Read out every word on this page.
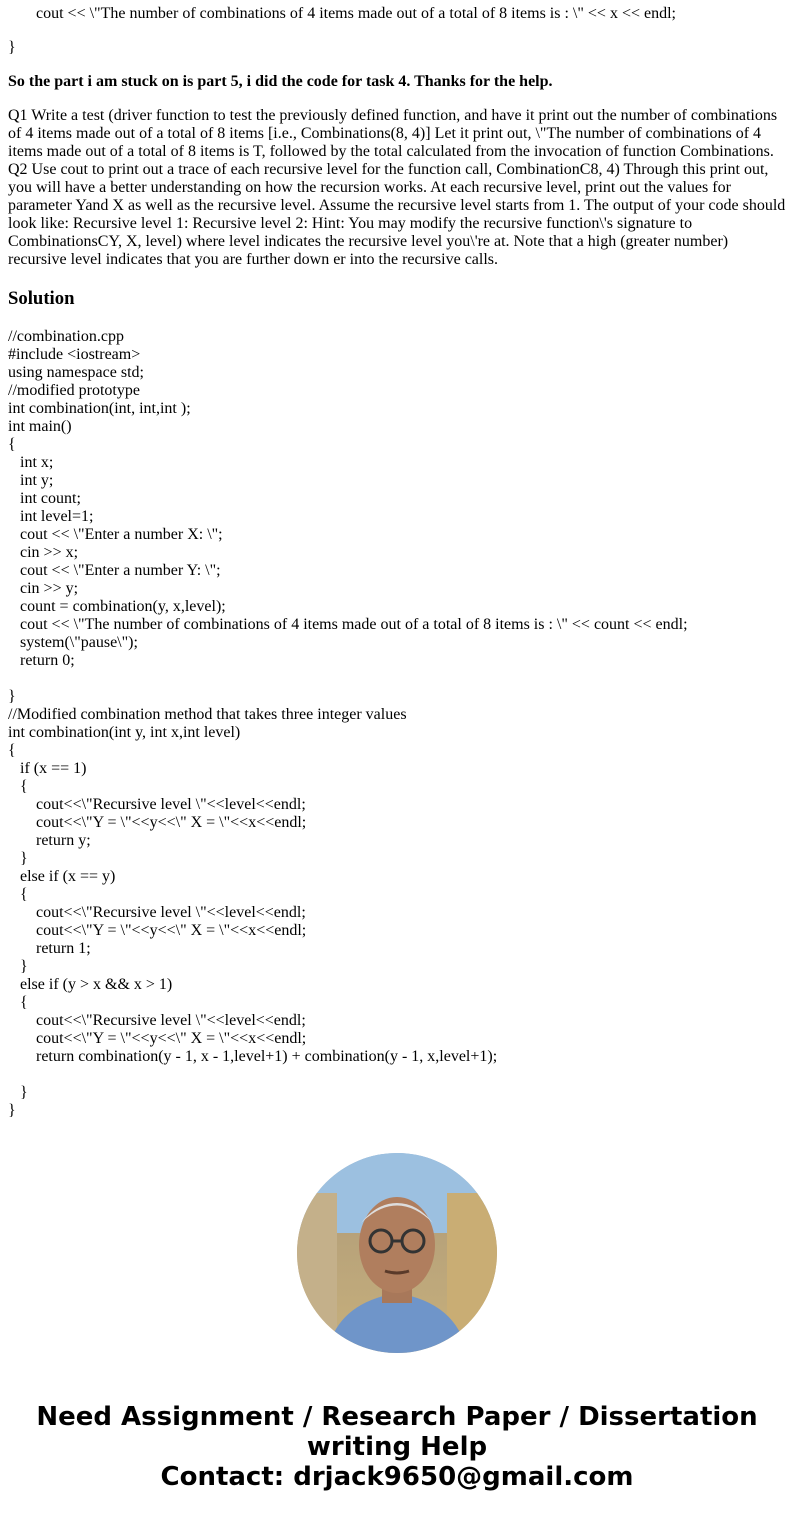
cout << \"The number of combinations of 4 items made out of a total of 8 items is : \" << x << endl;
}
So the part i am stuck on is part 5, i did the code for task 4. Thanks for the help.
Q1 Write a test (driver function to test the previously defined function, and have it print out the number of combinations of 4 items made out of a total of 8 items [i.e., Combinations(8, 4)] Let it print out, \"The number of combinations of 4 items made out of a total of 8 items is T, followed by the total calculated from the invocation of function Combinations. Q2 Use cout to print out a trace of each recursive level for the function call, CombinationC8, 4) Through this print out, you will have a better understanding on how the recursion works. At each recursive level, print out the values for parameter Yand X as well as the recursive level. Assume the recursive level starts from 1. The output of your code should look like: Recursive level 1: Recursive level 2: Hint: You may modify the recursive function\'s signature to CombinationsCY, X, level) where level indicates the recursive level you\'re at. Note that a high (greater number) recursive level indicates that you are further down er into the recursive calls.
Solution
//combination.cpp
#include <iostream>
using namespace std;
//modified prototype
int combination(int, int,int );
int main()
{
int x;
int y;
int count;
int level=1;
cout << \"Enter a number X: \";
cin >> x;
cout << \"Enter a number Y: \";
cin >> y;
count = combination(y, x,level);
cout << \"The number of combinations of 4 items made out of a total of 8 items is : \" << count << endl;
system(\"pause\");
return 0;
}
//Modified combination method that takes three integer values
int combination(int y, int x,int level)
{
if (x == 1)
{
cout<<\"Recursive level \"<<level<<endl;
cout<<\"Y = \"<<y<<\" X = \"<<x<<endl;
return y;
}
else if (x == y)
{
cout<<\"Recursive level \"<<level<<endl;
cout<<\"Y = \"<<y<<\" X = \"<<x<<endl;
return 1;
}
else if (y > x && x > 1)
{
cout<<\"Recursive level \"<<level<<endl;
cout<<\"Y = \"<<y<<\" X = \"<<x<<endl;
return combination(y - 1, x - 1,level+1) + combination(y - 1, x,level+1);
}
}
Need Assignment / Research Paper / Dissertation
writing Help
Contact: drjack9650@gmail.com
